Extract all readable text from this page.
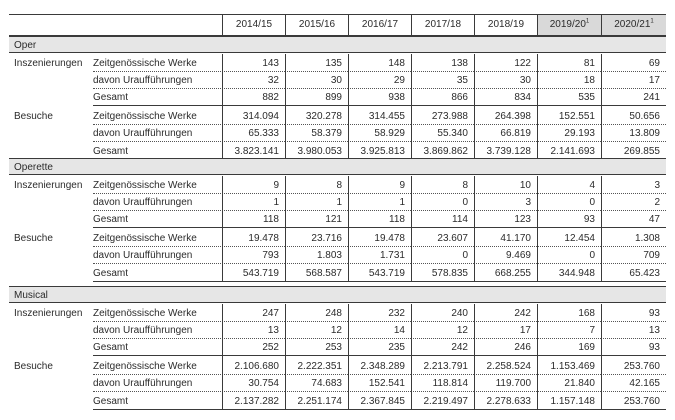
2014/15	2015/16	2016/17	2017/18	2018/19	$2019/20^1$	$2020/21^1$
Oper
Inszenierungen	Zeitgenössische Werke	143	135	148	138	122	81	69
davon Uraufführungen	32	30	29	35	30	18	17
Gesamt	882	899	938	866	834	535	241
Besuche	Zeitgenössische Werke	314.094	320.278	314.455	273.988	264.398	152.551	50.656
davon Uraufführungen	65.333	58.379	58.929	55.340	66.819	29.193	13.809
Gesamt	3.823.141	3.980.053	3.925.813	3.869.862	3.739.128	2.141.693	269.855
Operette
Inszenierungen	Zeitgenössische Werke	9	8	9	8	10	4	3
davon Uraufführungen	1	1	1	0	3	0	2
Gesamt	118	121	118	114	123	93	47
Besuche	Zeitgenössische Werke	19.478	23.716	19.478	23.607	41.170	12.454	1.308
davon Uraufführungen	793	1.803	1.731	0	9.469	0	709
Gesamt	543.719	568.587	543.719	578.835	668.255	344.948	65.423
Musical
Inszenierungen	Zeitgenössische Werke	247	248	232	240	242	168	93
davon Uraufführungen	13	12	14	12	17	7	13
Gesamt	252	253	235	242	246	169	93
Besuche	Zeitgenössische Werke	2.106.680	2.222.351	2.348.289	2.213.791	2.258.524	1.153.469	253.760
davon Uraufführungen	30.754	74.683	152.541	118.814	119.700	21.840	42.165
Gesamt	2.137.282	2.251.174	2.367.845	2.219.497	2.278.633	1.157.148	253.760
